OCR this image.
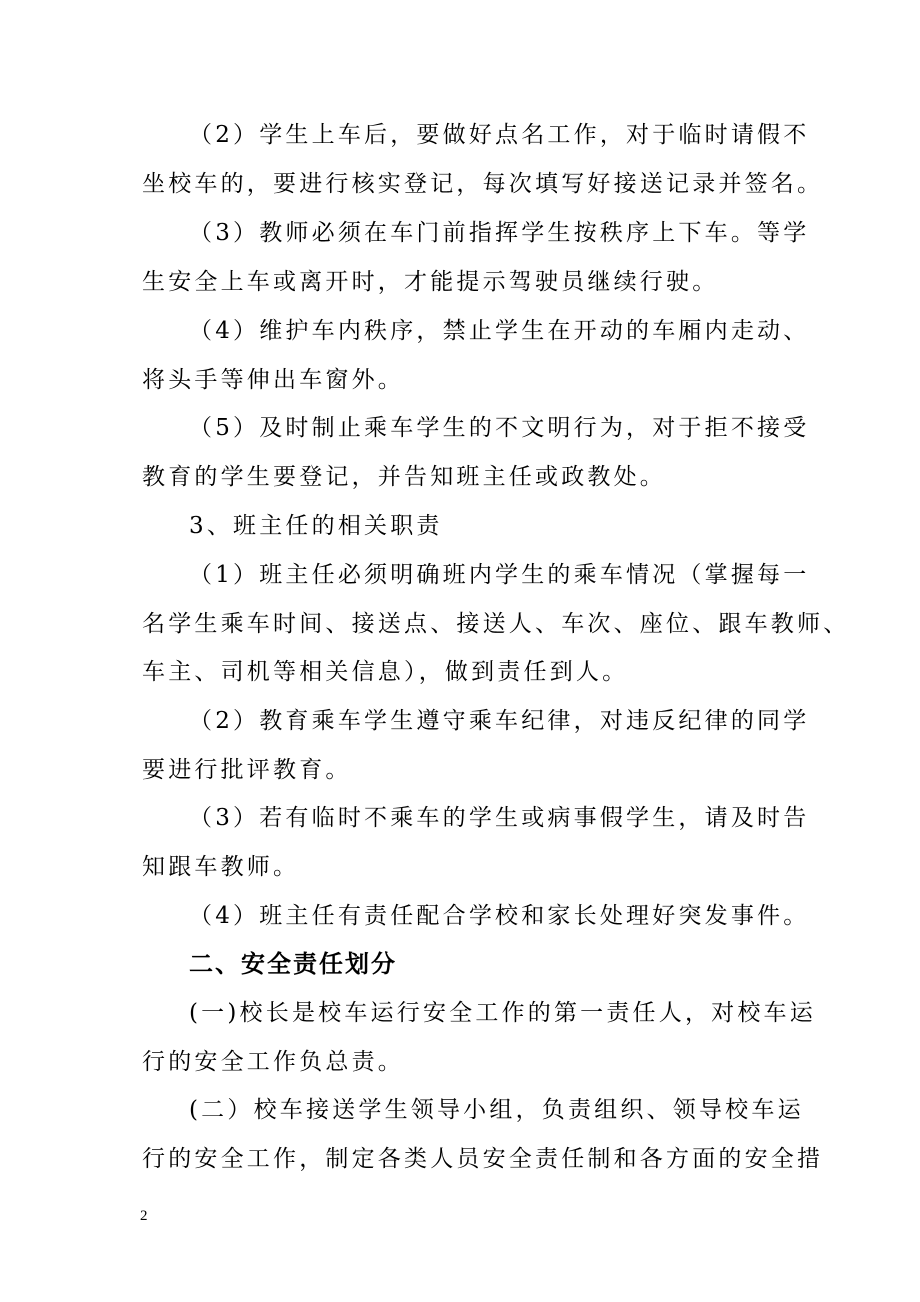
（2）学生上车后，要做好点名工作，对于临时请假不
坐校车的，要进行核实登记，每次填写好接送记录并签名。
（3）教师必须在车门前指挥学生按秩序上下车。等学
生安全上车或离开时，才能提示驾驶员继续行驶。
（4）维护车内秩序，禁止学生在开动的车厢内走动、
将头手等伸出车窗外。
（5）及时制止乘车学生的不文明行为，对于拒不接受
教育的学生要登记，并告知班主任或政教处。
3、班主任的相关职责
（1）班主任必须明确班内学生的乘车情况（掌握每一
名学生乘车时间、接送点、接送人、车次、座位、跟车教师、
车主、司机等相关信息），做到责任到人。
（2）教育乘车学生遵守乘车纪律，对违反纪律的同学
要进行批评教育。
（3）若有临时不乘车的学生或病事假学生，请及时告
知跟车教师。
（4）班主任有责任配合学校和家长处理好突发事件。
二、安全责任划分
(一)校长是校车运行安全工作的第一责任人，对校车运
行的安全工作负总责。
(二）校车接送学生领导小组，负责组织、领导校车运
行的安全工作，制定各类人员安全责任制和各方面的安全措
2
